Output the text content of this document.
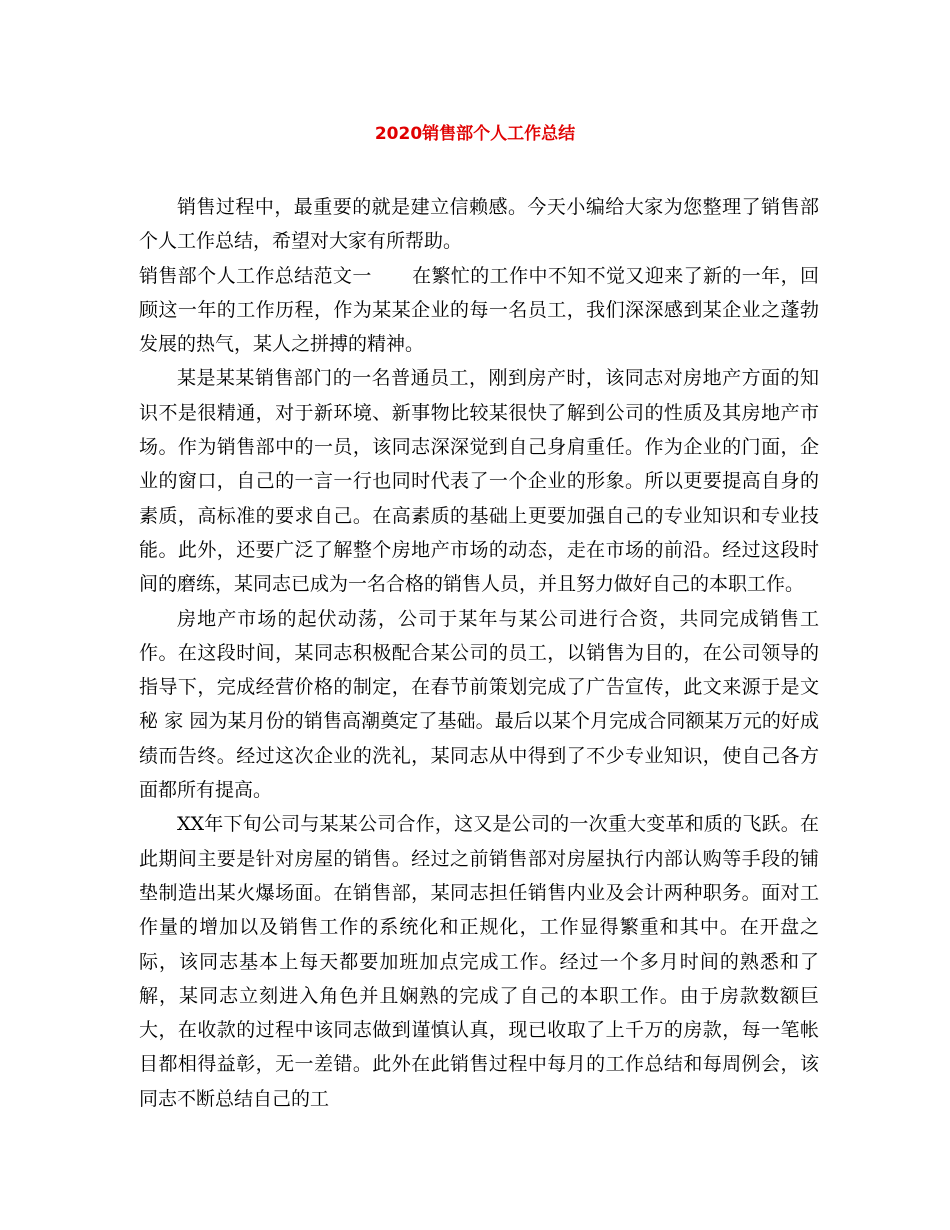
2020销售部个人工作总结

销售过程中，最重要的就是建立信赖感。今天小编给大家为您整理了销售部个人工作总结，希望对大家有所帮助。

销售部个人工作总结范文一 在繁忙的工作中不知不觉又迎来了新的一年，回顾这一年的工作历程，作为某某企业的每一名员工，我们深深感到某企业之蓬勃发展的热气，某人之拼搏的精神。

某是某某销售部门的一名普通员工，刚到房产时，该同志对房地产方面的知识不是很精通，对于新环境、新事物比较某很快了解到公司的性质及其房地产市场。作为销售部中的一员，该同志深深觉到自己身肩重任。作为企业的门面，企业的窗口，自己的一言一行也同时代表了一个企业的形象。所以更要提高自身的素质，高标准的要求自己。在高素质的基础上更要加强自己的专业知识和专业技能。此外，还要广泛了解整个房地产市场的动态，走在市场的前沿。经过这段时间的磨练，某同志已成为一名合格的销售人员，并且努力做好自己的本职工作。

房地产市场的起伏动荡，公司于某年与某公司进行合资，共同完成销售工作。在这段时间，某同志积极配合某公司的员工，以销售为目的，在公司领导的指导下，完成经营价格的制定，在春节前策划完成了广告宣传，此文来源于是文 秘 家 园为某月份的销售高潮奠定了基础。最后以某个月完成合同额某万元的好成绩而告终。经过这次企业的洗礼，某同志从中得到了不少专业知识，使自己各方面都所有提高。

XX年下旬公司与某某公司合作，这又是公司的一次重大变革和质的飞跃。在此期间主要是针对房屋的销售。经过之前销售部对房屋执行内部认购等手段的铺垫制造出某火爆场面。在销售部，某同志担任销售内业及会计两种职务。面对工作量的增加以及销售工作的系统化和正规化，工作显得繁重和其中。在开盘之际，该同志基本上每天都要加班加点完成工作。经过一个多月时间的熟悉和了解，某同志立刻进入角色并且娴熟的完成了自己的本职工作。由于房款数额巨大，在收款的过程中该同志做到谨慎认真，现已收取了上千万的房款，每一笔帐目都相得益彰，无一差错。此外在此销售过程中每月的工作总结和每周例会，该同志不断总结自己的工
